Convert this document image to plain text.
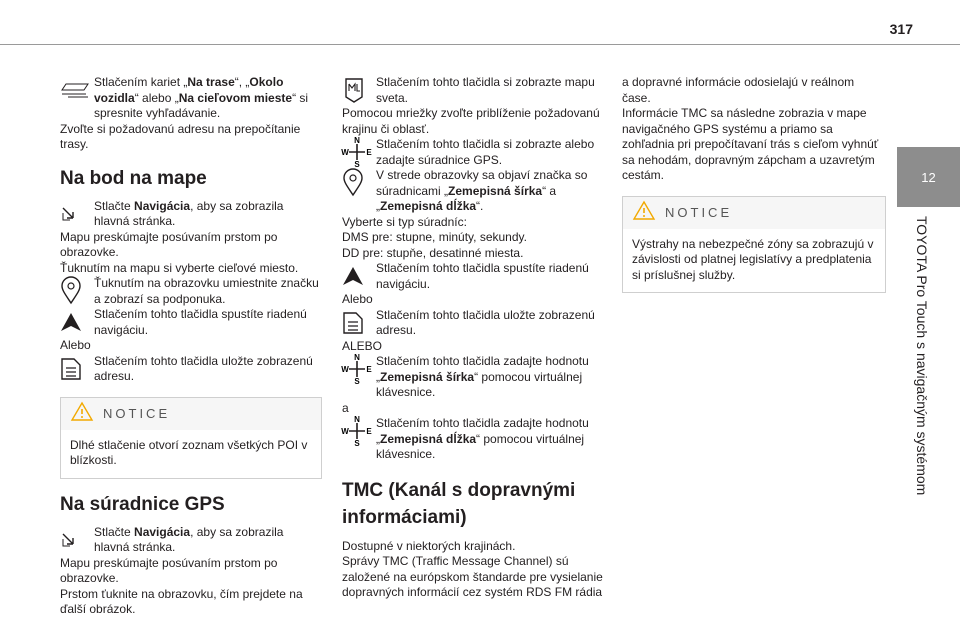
317
12
TOYOTA Pro Touch s navigačným systémom

Stlačením kariet „Na trase“, „Okolo vozidla“ alebo „Na cieľovom mieste“ si spresnite vyhľadávanie.

Zvoľte si požadovanú adresu na prepočítanie trasy.

Na bod na mape

Stlačte Navigácia, aby sa zobrazila hlavná stránka.

Mapu preskúmajte posúvaním prstom po obrazovke.

Ťuknutím na mapu si vyberte cieľové miesto.

Ťuknutím na obrazovku umiestnite značku a zobrazí sa podponuka.

Stlačením tohto tlačidla spustíte riadenú navigáciu.

Alebo

Stlačením tohto tlačidla uložte zobrazenú adresu.

NOTICE

Dlhé stlačenie otvorí zoznam všetkých POI v blízkosti.

Na súradnice GPS

Stlačte Navigácia, aby sa zobrazila hlavná stránka.

Mapu preskúmajte posúvaním prstom po obrazovke.

Prstom ťuknite na obrazovku, čím prejdete na ďalší obrázok.

Stlačením tohto tlačidla si zobrazte mapu sveta.

Pomocou mriežky zvoľte priblíženie požadovanú krajinu či oblasť.

N
S
W E

Stlačením tohto tlačidla si zobrazte alebo zadajte súradnice GPS.

V strede obrazovky sa objaví značka so súradnicami „Zemepisná šírka“ a „Zemepisná dĺžka“.

Vyberte si typ súradníc:

DMS pre: stupne, minúty, sekundy.

DD pre: stupňe, desatinné miesta.

Stlačením tohto tlačidla spustíte riadenú navigáciu.

Alebo

Stlačením tohto tlačidla uložte zobrazenú adresu.

ALEBO

N
S
W E

Stlačením tohto tlačidla zadajte hodnotu „Zemepisná šírka“ pomocou virtuálnej klávesnice.

a

N
S
W E

Stlačením tohto tlačidla zadajte hodnotu „Zemepisná dĺžka“ pomocou virtuálnej klávesnice.

TMC (Kanál s dopravnými informáciami)

Dostupné v niektorých krajinách.

Správy TMC (Traffic Message Channel) sú založené na európskom štandarde pre vysielanie dopravných informácií cez systém RDS FM rádia

a dopravné informácie odosielajú v reálnom čase.

Informácie TMC sa následne zobrazia v mape navigačného GPS systému a priamo sa zohľadnia pri prepočítavaní trás s cieľom vyhnúť sa nehodám, dopravným zápcham a uzavretým cestám.

NOTICE

Výstrahy na nebezpečné zóny sa zobrazujú v závislosti od platnej legislatívy a predplatenia si príslušnej služby.
